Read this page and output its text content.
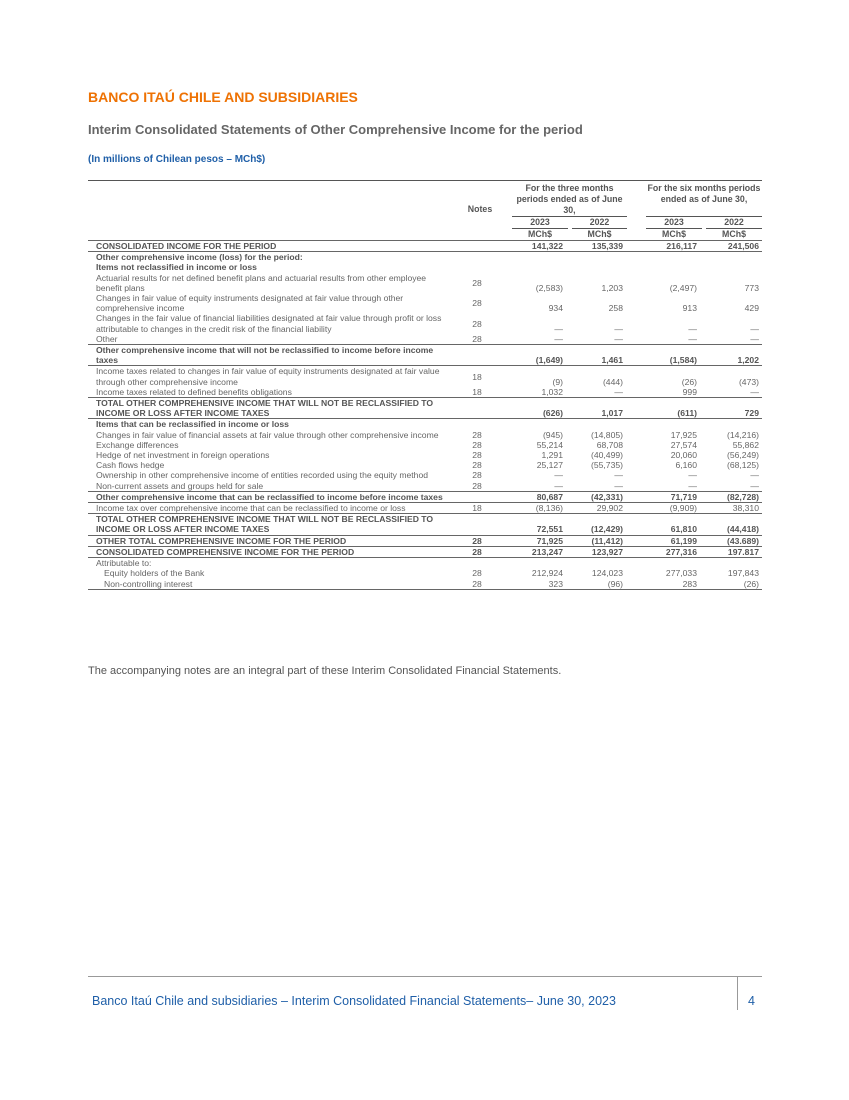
BANCO ITAÚ CHILE AND SUBSIDIARIES
Interim Consolidated Statements of Other Comprehensive Income for the period
(In millions of Chilean pesos – MCh$)
Notes
For the three months periods ended as of June 30,
For the six months periods ended as of June 30,
2023	2022	2023	2022
MCh$	MCh$	MCh$	MCh$
CONSOLIDATED INCOME FOR THE PERIOD		141,322	135,339	216,117	241,506
Other comprehensive income (loss) for the period:					
Items not reclassified in income or loss					
Actuarial results for net defined benefit plans and actuarial results from other employee benefit plans	28	(2,583)	1,203	(2,497)	773
Changes in fair value of equity instruments designated at fair value through other comprehensive income	28	934	258	913	429
Changes in the fair value of financial liabilities designated at fair value through profit or loss attributable to changes in the credit risk of the financial liability	28	—	—	—	—
Other	28	—	—	—	—
Other comprehensive income that will not be reclassified to income before income taxes		(1,649)	1,461	(1,584)	1,202
Income taxes related to changes in fair value of equity instruments designated at fair value through other comprehensive income	18	(9)	(444)	(26)	(473)
Income taxes related to defined benefits obligations	18	1,032	—	999	—
TOTAL OTHER COMPREHENSIVE INCOME THAT WILL NOT BE RECLASSIFIED TO INCOME OR LOSS AFTER INCOME TAXES		(626)	1,017	(611)	729
Items that can be reclassified in income or loss					
Changes in fair value of financial assets at fair value through other comprehensive income	28	(945)	(14,805)	17,925	(14,216)
Exchange differences	28	55,214	68,708	27,574	55,862
Hedge of net investment in foreign operations	28	1,291	(40,499)	20,060	(56,249)
Cash flows hedge	28	25,127	(55,735)	6,160	(68,125)
Ownership in other comprehensive income of entities recorded using the equity method	28	—	—	—	—
Non-current assets and groups held for sale	28	—	—	—	—
Other comprehensive income that can be reclassified to income before income taxes		80,687	(42,331)	71,719	(82,728)
Income tax over comprehensive income that can be reclassified to income or loss	18	(8,136)	29,902	(9,909)	38,310
TOTAL OTHER COMPREHENSIVE INCOME THAT WILL NOT BE RECLASSIFIED TO INCOME OR LOSS AFTER INCOME TAXES		72,551	(12,429)	61,810	(44,418)
OTHER TOTAL COMPREHENSIVE INCOME FOR THE PERIOD	28	71,925	(11,412)	61,199	(43.689)
CONSOLIDATED COMPREHENSIVE INCOME FOR THE PERIOD	28	213,247	123,927	277,316	197.817
Attributable to:					
Equity holders of the Bank	28	212,924	124,023	277,033	197,843
Non-controlling interest	28	323	(96)	283	(26)
The accompanying notes are an integral part of these Interim Consolidated Financial Statements.
Banco Itaú Chile and subsidiaries – Interim Consolidated Financial Statements– June 30, 2023	4
